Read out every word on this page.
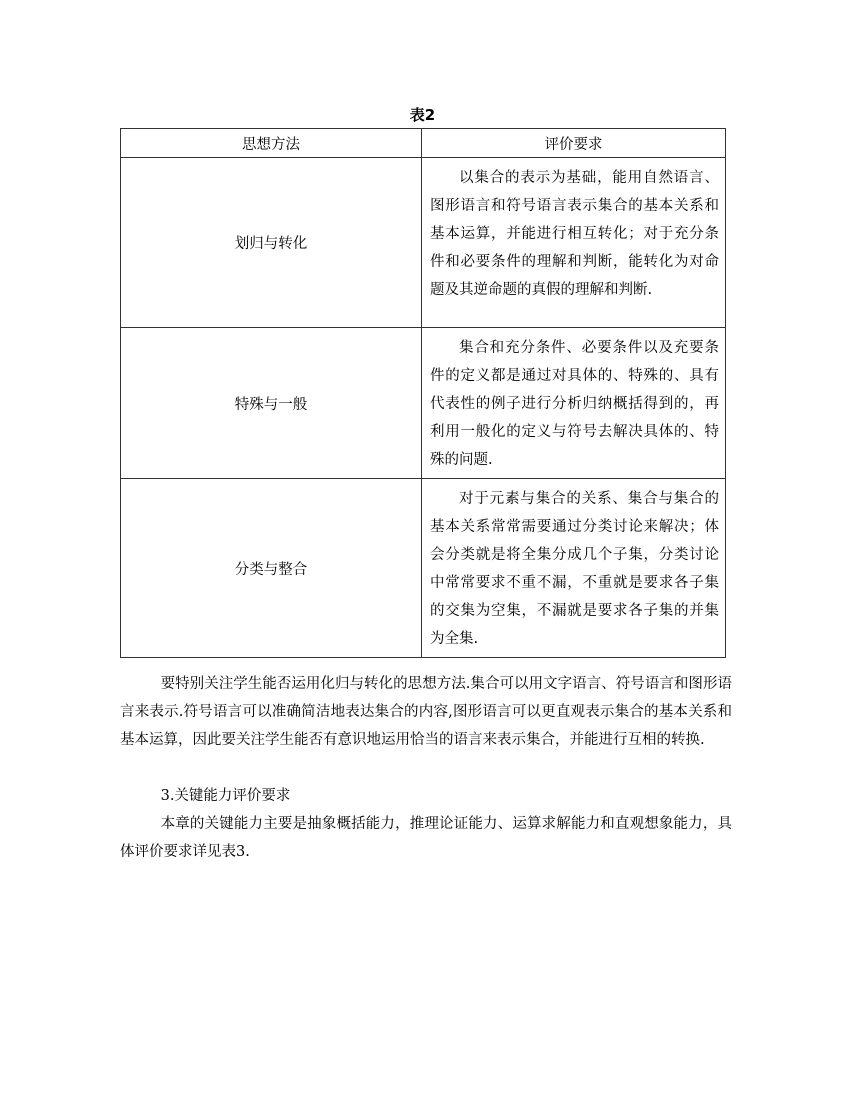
表2
思想方法	评价要求
划归与转化	以集合的表示为基础，能用自然语言、图形语言和符号语言表示集合的基本关系和基本运算，并能进行相互转化；对于充分条件和必要条件的理解和判断，能转化为对命题及其逆命题的真假的理解和判断.
特殊与一般	集合和充分条件、必要条件以及充要条件的定义都是通过对具体的、特殊的、具有代表性的例子进行分析归纳概括得到的，再利用一般化的定义与符号去解决具体的、特殊的问题.
分类与整合	对于元素与集合的关系、集合与集合的基本关系常常需要通过分类讨论来解决；体会分类就是将全集分成几个子集，分类讨论中常常要求不重不漏，不重就是要求各子集的交集为空集，不漏就是要求各子集的并集为全集.

要特别关注学生能否运用化归与转化的思想方法.集合可以用文字语言、符号语言和图形语言来表示.符号语言可以准确简洁地表达集合的内容,图形语言可以更直观表示集合的基本关系和基本运算，因此要关注学生能否有意识地运用恰当的语言来表示集合，并能进行互相的转换.

3.关键能力评价要求

本章的关键能力主要是抽象概括能力，推理论证能力、运算求解能力和直观想象能力，具体评价要求详见表3.
